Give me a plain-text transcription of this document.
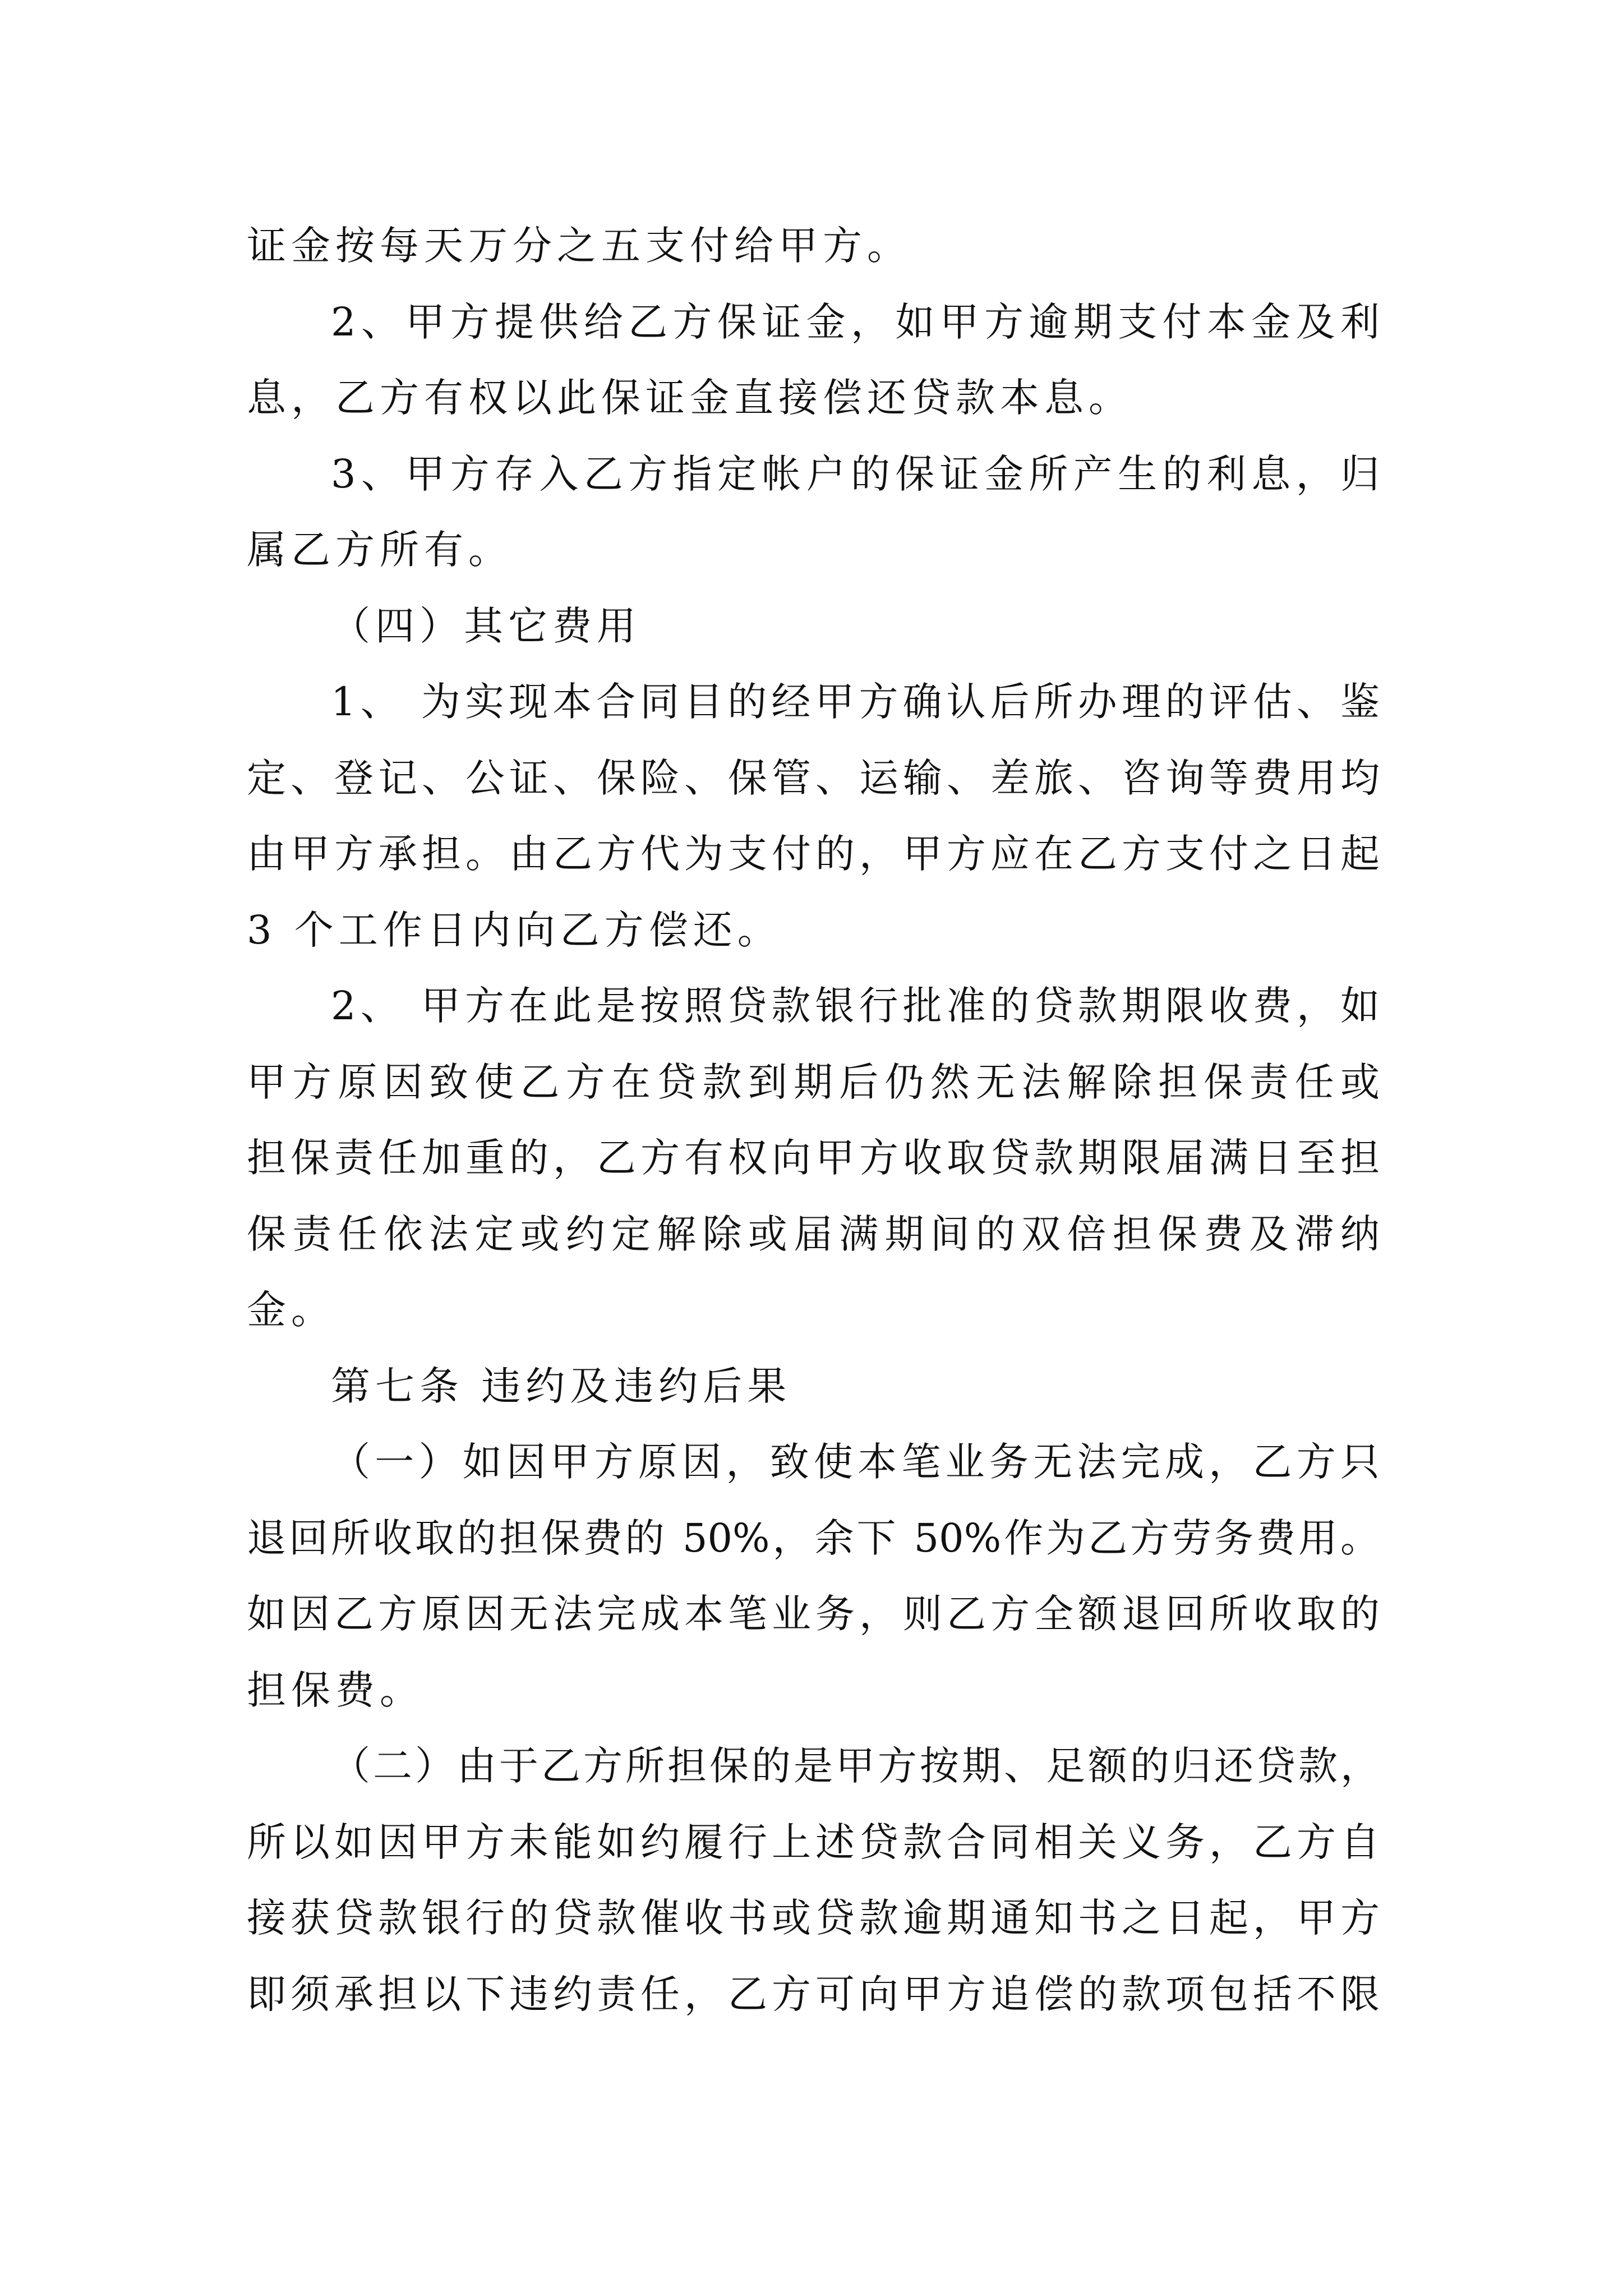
证金按每天万分之五支付给甲方。
2、甲方提供给乙方保证金，如甲方逾期支付本金及利
息，乙方有权以此保证金直接偿还贷款本息。
3、甲方存入乙方指定帐户的保证金所产生的利息，归
属乙方所有。
（四）其它费用
1、 为实现本合同目的经甲方确认后所办理的评估、鉴
定、登记、公证、保险、保管、运输、差旅、咨询等费用均
由甲方承担。由乙方代为支付的，甲方应在乙方支付之日起
3 个工作日内向乙方偿还。
2、 甲方在此是按照贷款银行批准的贷款期限收费，如
甲方原因致使乙方在贷款到期后仍然无法解除担保责任或
担保责任加重的，乙方有权向甲方收取贷款期限届满日至担
保责任依法定或约定解除或届满期间的双倍担保费及滞纳
金。
第七条 违约及违约后果
（一）如因甲方原因，致使本笔业务无法完成，乙方只
退回所收取的担保费的 50%，余下 50%作为乙方劳务费用。
如因乙方原因无法完成本笔业务，则乙方全额退回所收取的
担保费。
（二）由于乙方所担保的是甲方按期、足额的归还贷款，
所以如因甲方未能如约履行上述贷款合同相关义务，乙方自
接获贷款银行的贷款催收书或贷款逾期通知书之日起，甲方
即须承担以下违约责任，乙方可向甲方追偿的款项包括不限
